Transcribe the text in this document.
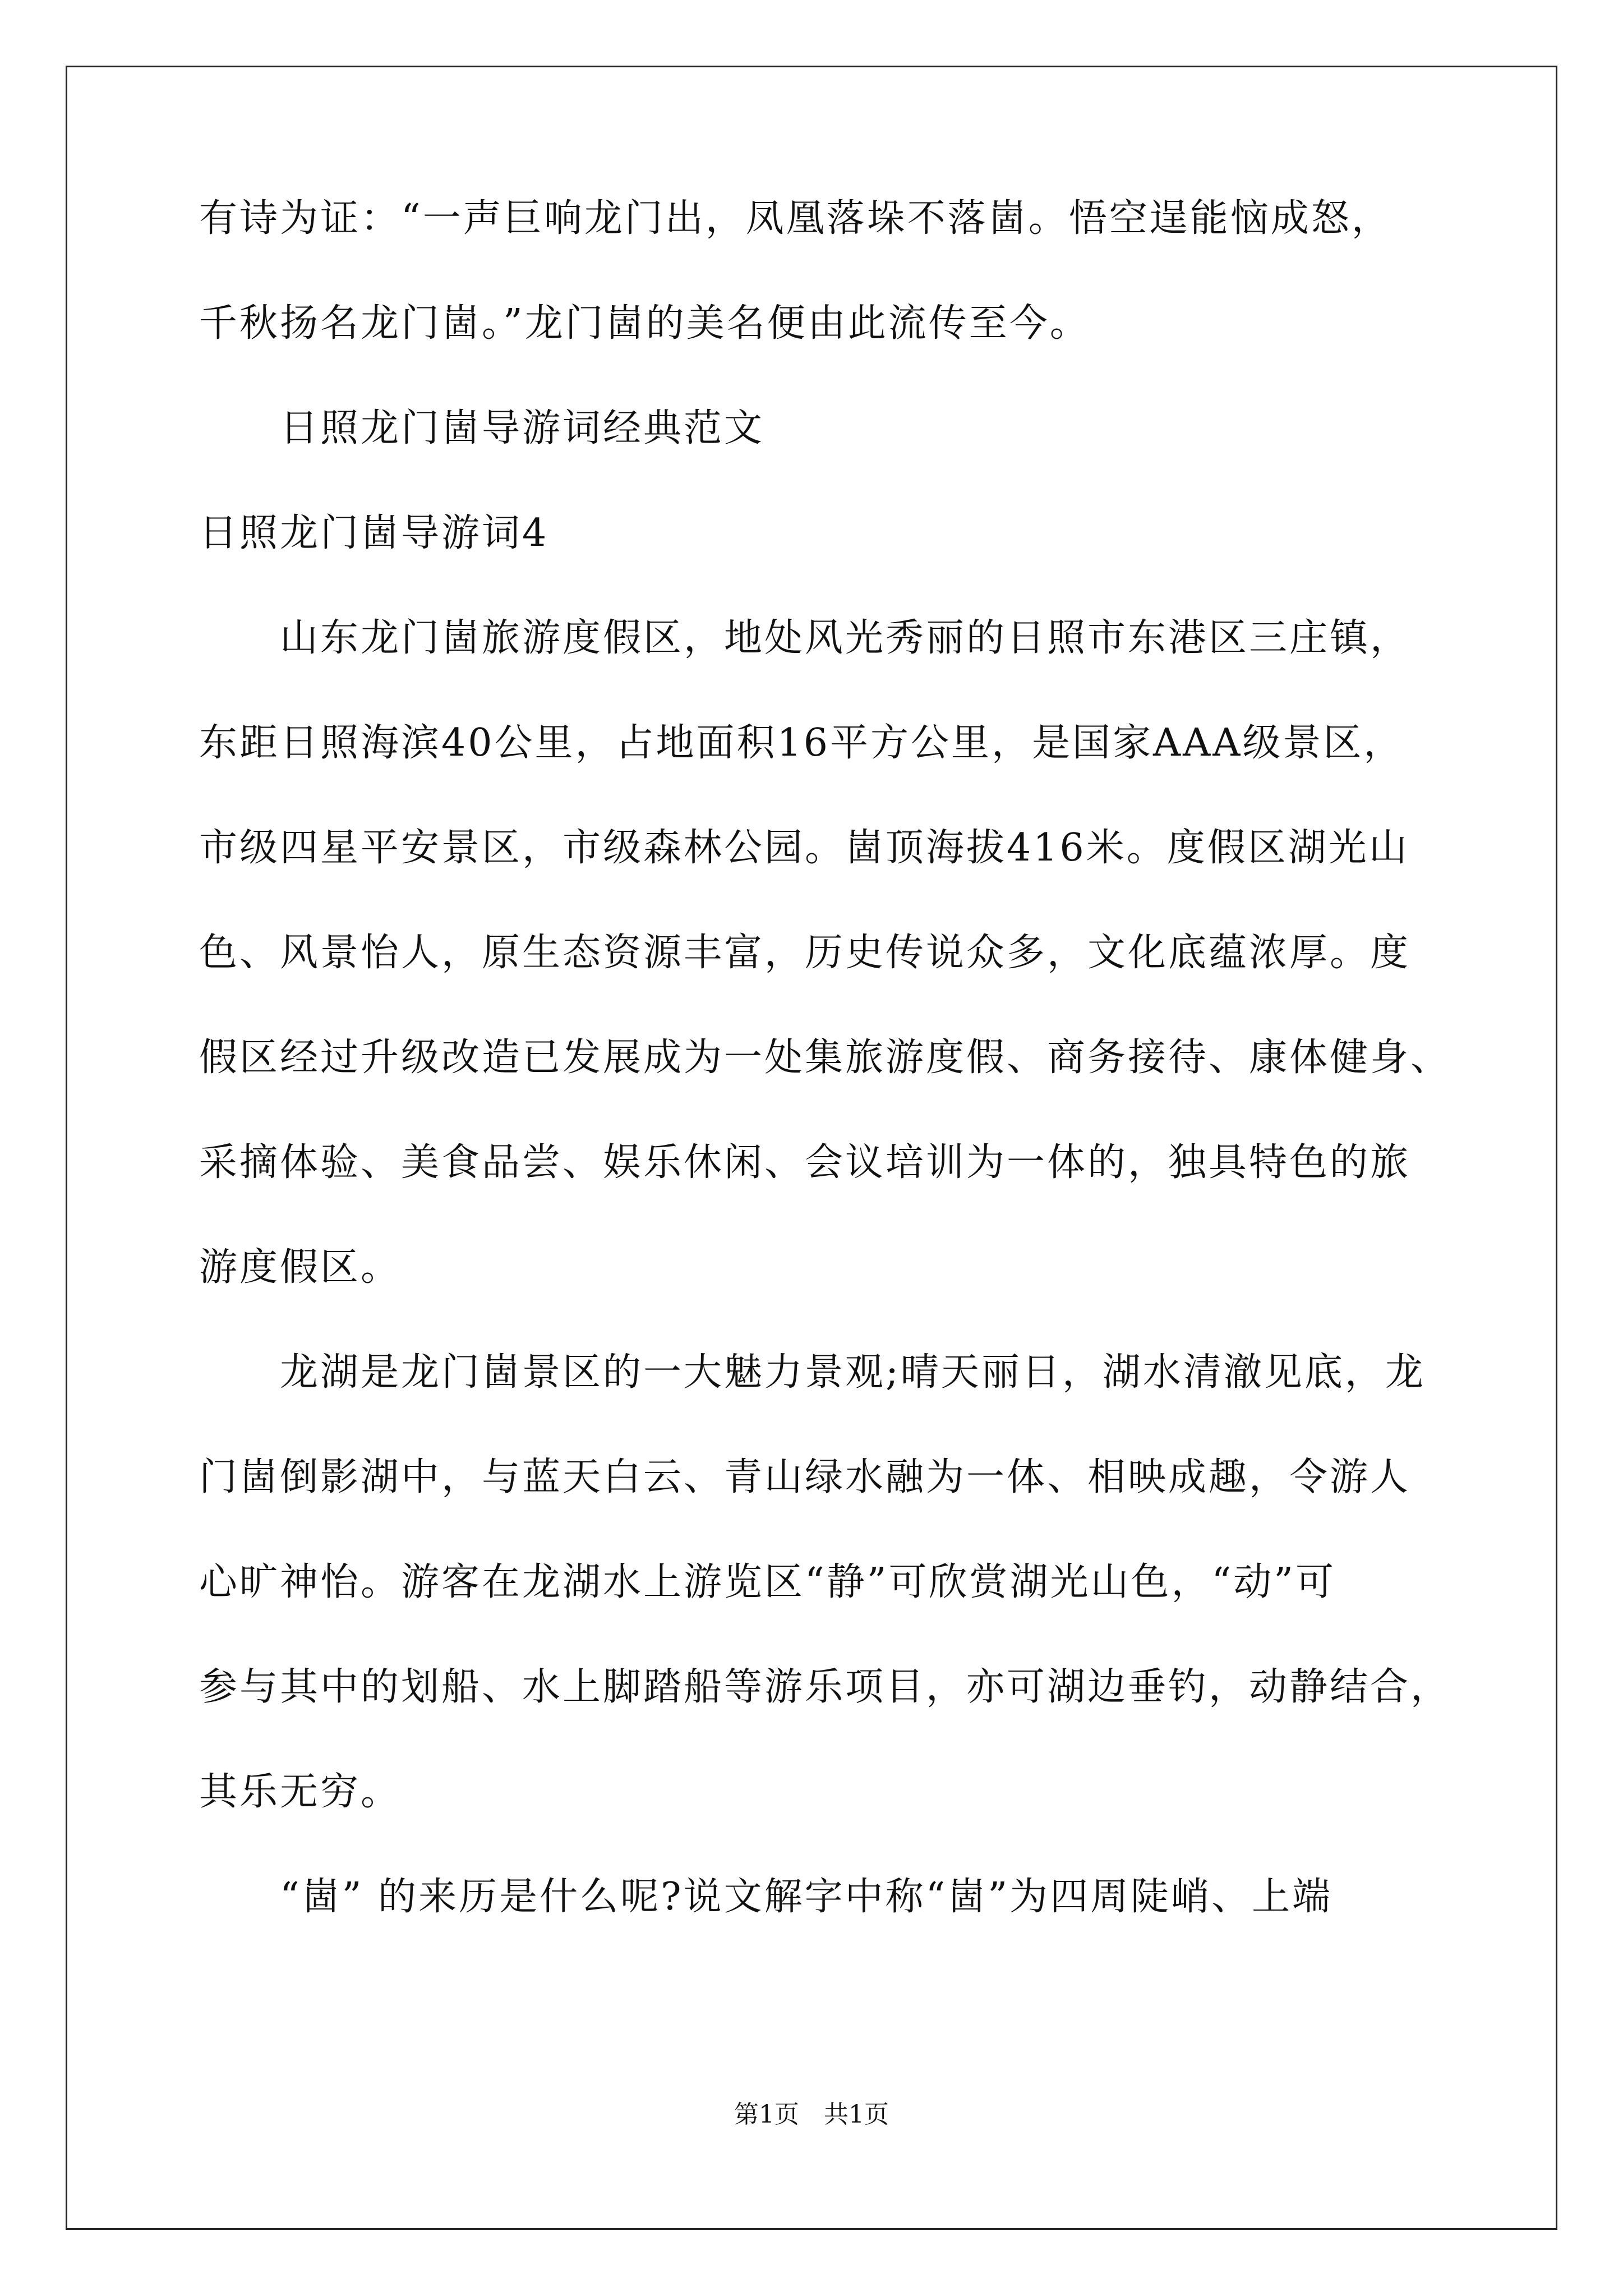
有诗为证：“一声巨响龙门出，凤凰落垛不落崮。悟空逞能恼成怒，
千秋扬名龙门崮。”龙门崮的美名便由此流传至今。
　　日照龙门崮导游词经典范文
日照龙门崮导游词4
　　山东龙门崮旅游度假区，地处风光秀丽的日照市东港区三庄镇，
东距日照海滨40公里，占地面积16平方公里，是国家AAA级景区，
市级四星平安景区，市级森林公园。崮顶海拔416米。度假区湖光山
色、风景怡人，原生态资源丰富，历史传说众多，文化底蕴浓厚。度
假区经过升级改造已发展成为一处集旅游度假、商务接待、康体健身、
采摘体验、美食品尝、娱乐休闲、会议培训为一体的，独具特色的旅
游度假区。
　　龙湖是龙门崮景区的一大魅力景观;晴天丽日，湖水清澈见底，龙
门崮倒影湖中，与蓝天白云、青山绿水融为一体、相映成趣，令游人
心旷神怡。游客在龙湖水上游览区“静”可欣赏湖光山色，“动”可
参与其中的划船、水上脚踏船等游乐项目，亦可湖边垂钓，动静结合，
其乐无穷。
　　“崮” 的来历是什么呢?说文解字中称“崮”为四周陡峭、上端
第1页　共1页
